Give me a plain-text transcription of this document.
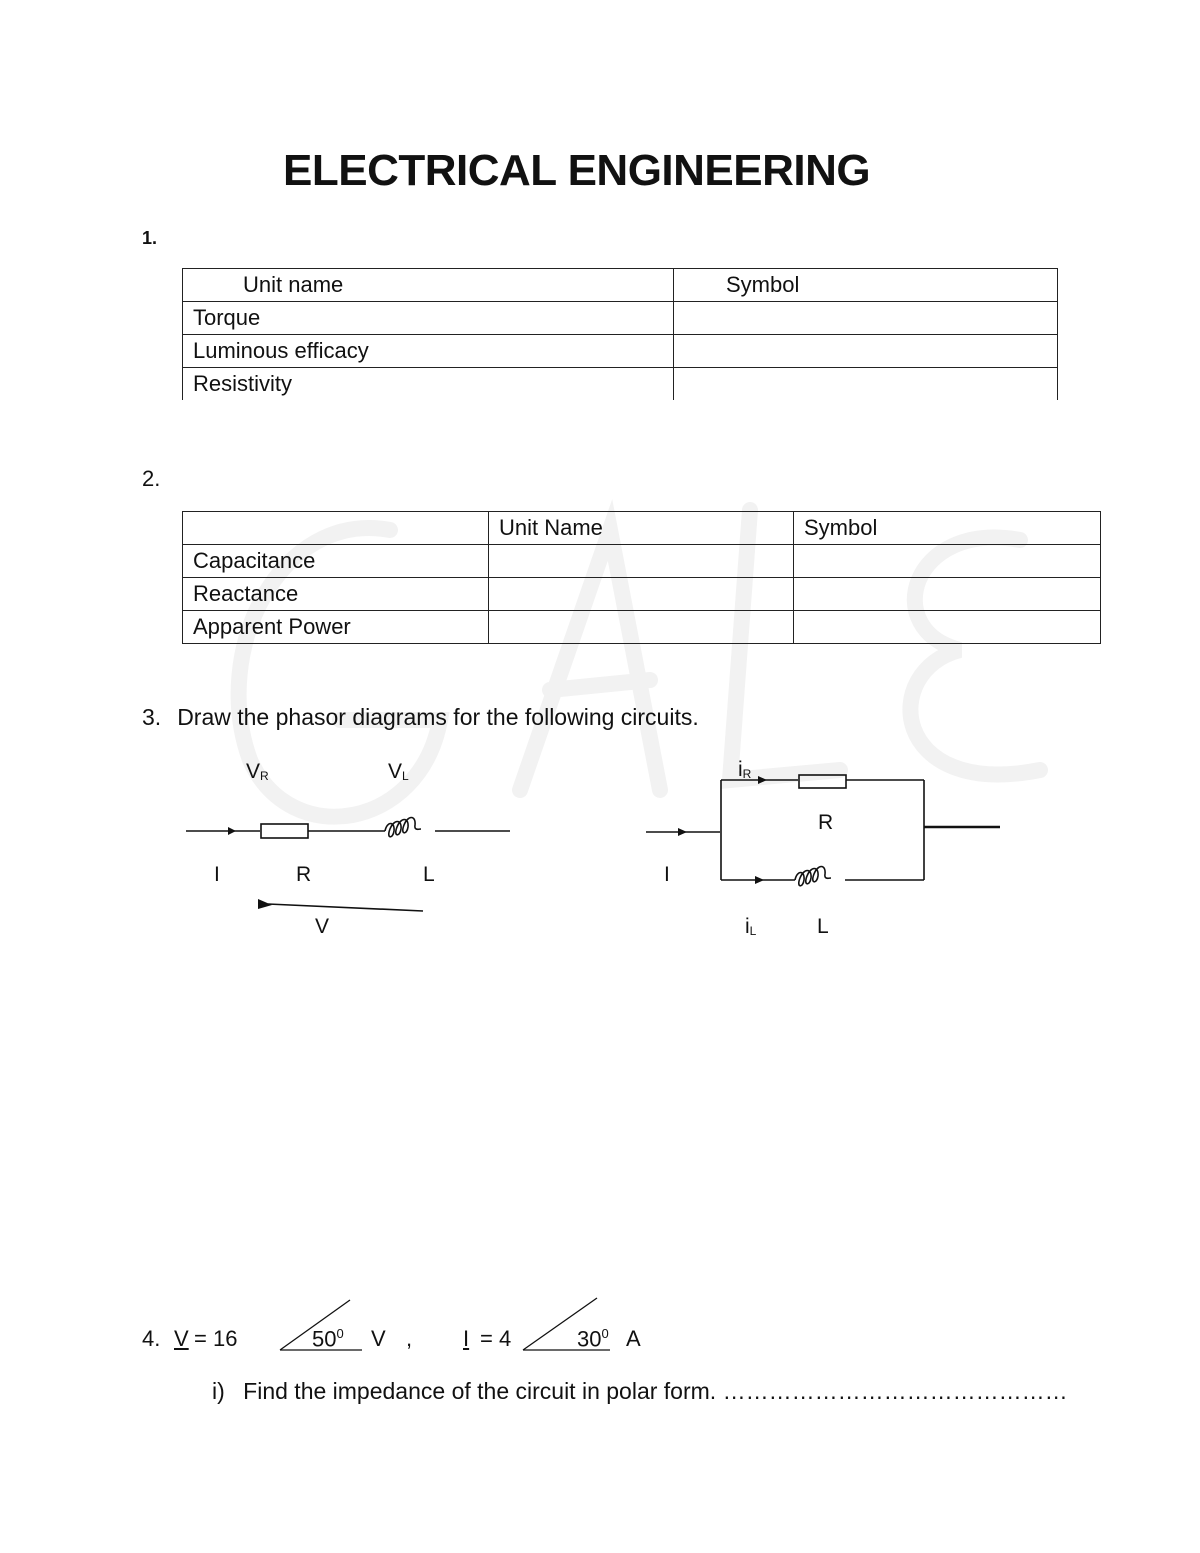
ELECTRICAL ENGINEERING
1.
Unit name	Symbol
Torque	
Luminous efficacy	
Resistivity	
2.
	Unit Name	Symbol
Capacitance		
Reactance		
Apparent Power		
3. Draw the phasor diagrams for the following circuits.
$V_R$	$V_L$
I	R	L
V
$i_R$
R
I
$i_L$	L
4. V = 16	$50^0$ V , I = 4	$30^0$ A
i) Find the impedance of the circuit in polar form. ………………………………………
